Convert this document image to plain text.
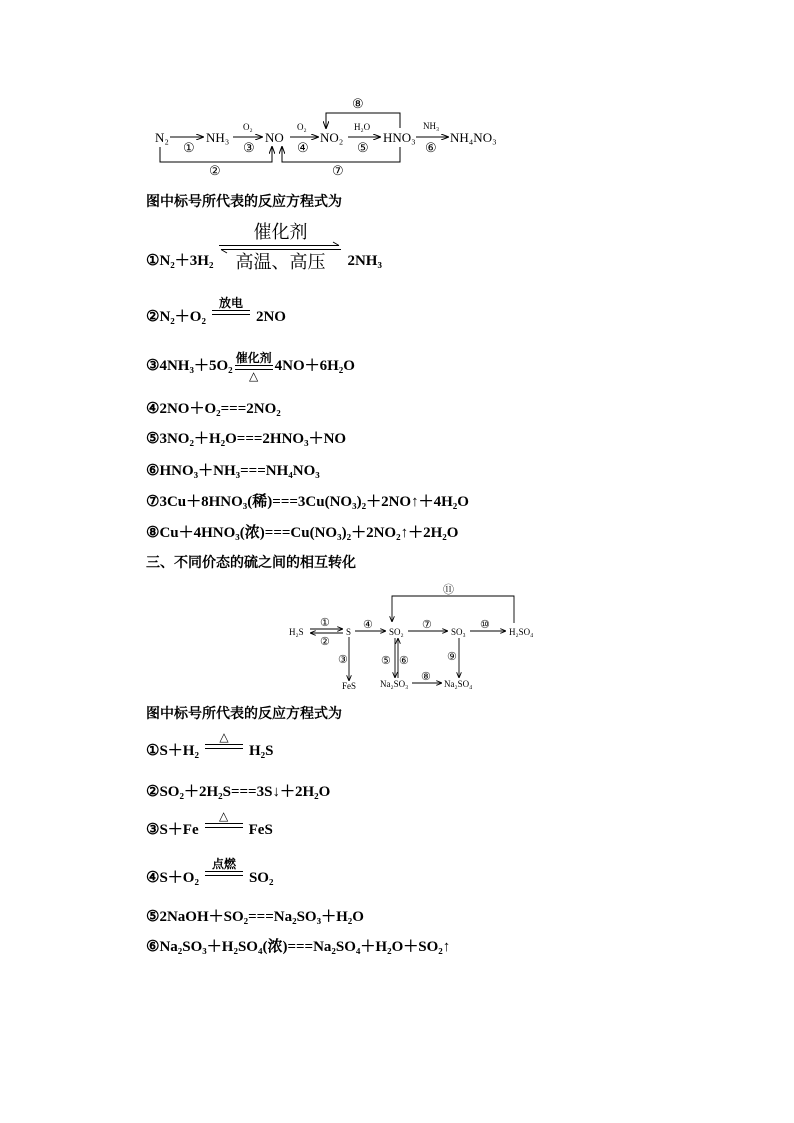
N₂	NH₃	NO	NO₂	HNO₃	NH₄NO₃
①
O₂
③
O₂
④
H₂O
⑤
NH₃
⑥
②	⑦
⑧
图中标号所代表的反应方程式为
① N₂＋3H₂
催化剂
高温、高压 2NH₃
② N₂＋O₂
放电
2NO
③ 4NH₃＋5O₂ 催化剂
△
4NO＋6H₂O
④2NO＋O₂===2NO₂
⑤3NO₂＋H₂O===2HNO₃＋NO
⑥HNO₃＋NH₃===NH₄NO₃
⑦3Cu＋8HNO₃(稀)===3Cu(NO₃)₂＋2NO↑＋4H₂O
⑧Cu＋4HNO₃(浓)===Cu(NO₃)₂＋2NO₂↑＋2H₂O
三、不同价态的硫之间的相互转化
H₂S	S	SO₂	SO₃	H₂SO₄
FeS	Na₂SO₃	Na₂SO₄
①
②
④	⑦	⑩
⑪
③	⑤ ⑥
⑧
⑨
图中标号所代表的反应方程式为
① S＋H₂
△
H₂S
②SO₂＋2H₂S===3S↓＋2H₂O
③ S＋Fe
△
FeS
④ S＋O₂
点燃
SO₂
⑤2NaOH＋SO₂===Na₂SO₃＋H₂O
⑥Na₂SO₃＋H₂SO₄(浓)===Na₂SO₄＋H₂O＋SO₂↑
